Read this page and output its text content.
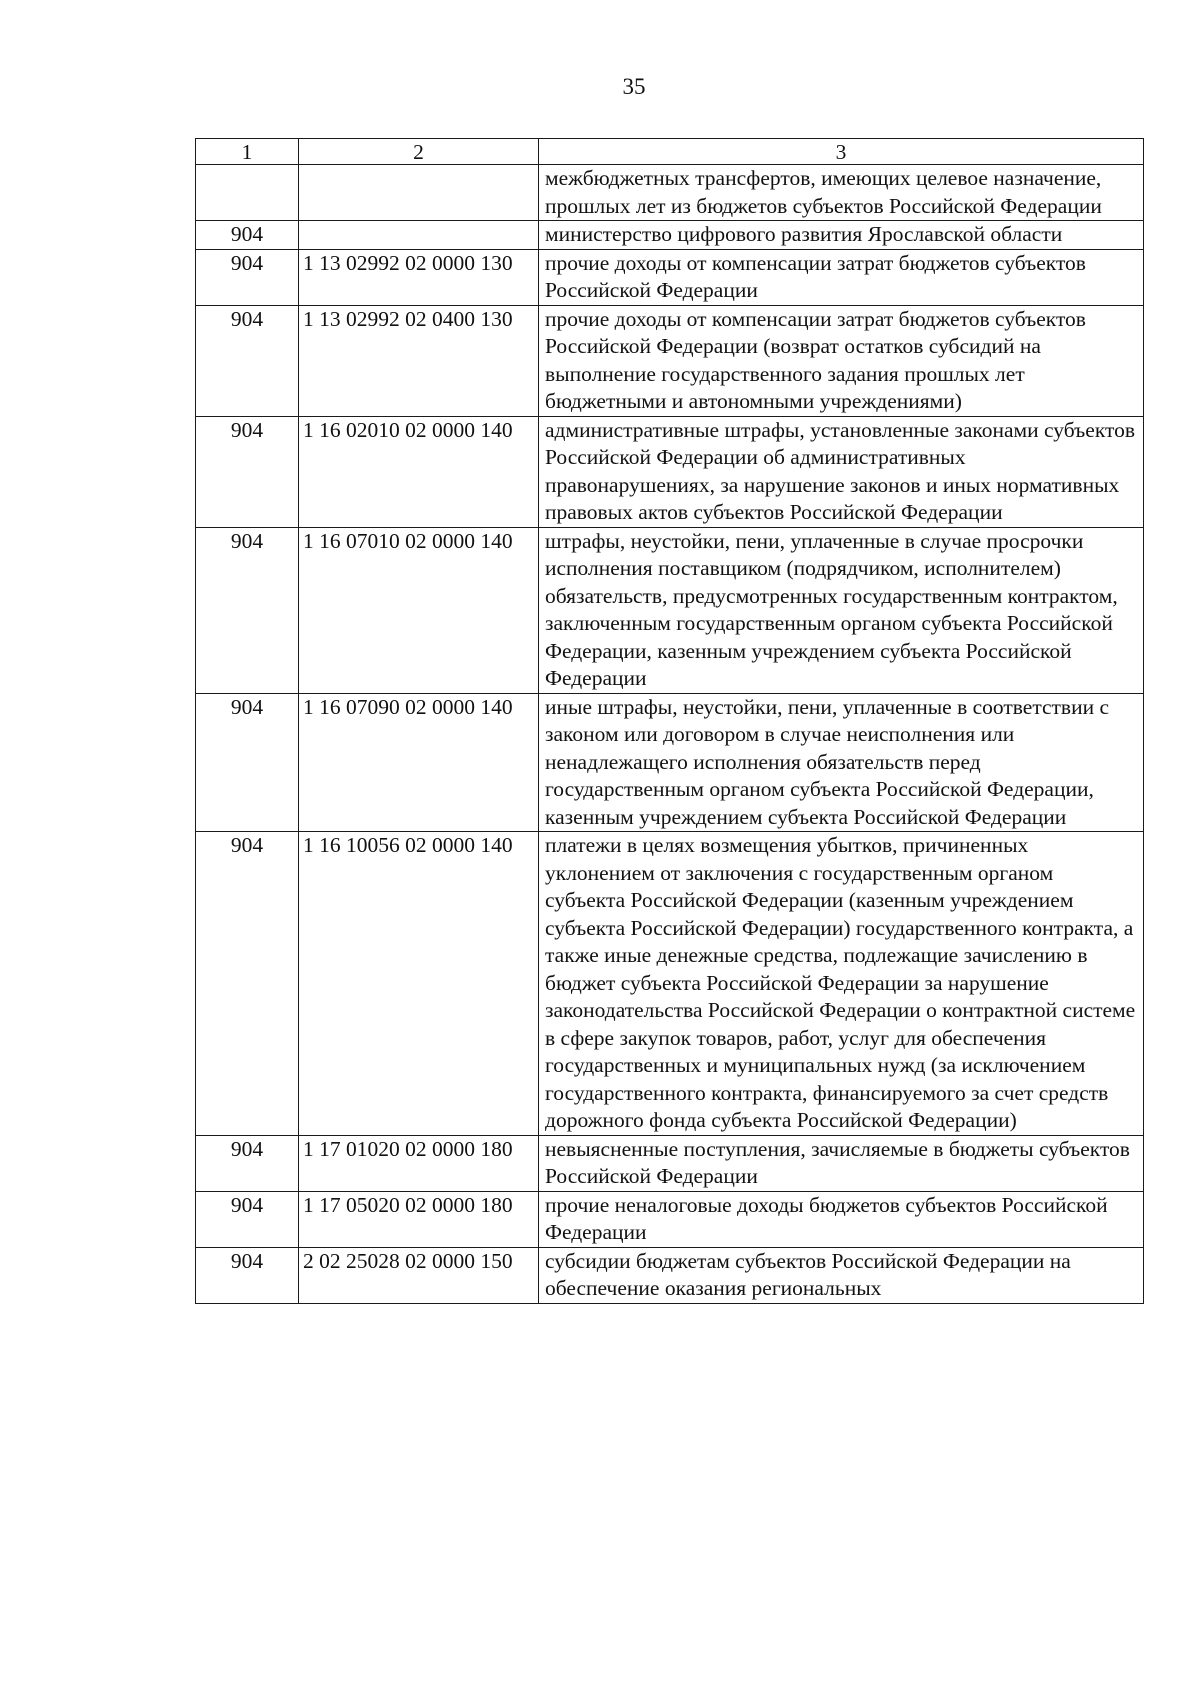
35
1	2	3
		межбюджетных трансфертов, имеющих целевое назначение, прошлых лет из бюджетов субъектов Российской Федерации
904		министерство цифрового развития Ярославской области
904	1 13 02992 02 0000 130	прочие доходы от компенсации затрат бюджетов субъектов Российской Федерации
904	1 13 02992 02 0400 130	прочие доходы от компенсации затрат бюджетов субъектов Российской Федерации (возврат остатков субсидий на выполнение государственного задания прошлых лет бюджетными и автономными учреждениями)
904	1 16 02010 02 0000 140	административные штрафы, установленные законами субъектов Российской Федерации об административных правонарушениях, за нарушение законов и иных нормативных правовых актов субъектов Российской Федерации
904	1 16 07010 02 0000 140	штрафы, неустойки, пени, уплаченные в случае просрочки исполнения поставщиком (подрядчиком, исполнителем) обязательств, предусмотренных государственным контрактом, заключенным государственным органом субъекта Российской Федерации, казенным учреждением субъекта Российской Федерации
904	1 16 07090 02 0000 140	иные штрафы, неустойки, пени, уплаченные в соответствии с законом или договором в случае неисполнения или ненадлежащего исполнения обязательств перед государственным органом субъекта Российской Федерации, казенным учреждением субъекта Российской Федерации
904	1 16 10056 02 0000 140	платежи в целях возмещения убытков, причиненных уклонением от заключения с государственным органом субъекта Российской Федерации (казенным учреждением субъекта Российской Федерации) государственного контракта, а также иные денежные средства, подлежащие зачислению в бюджет субъекта Российской Федерации за нарушение законодательства Российской Федерации о контрактной системе в сфере закупок товаров, работ, услуг для обеспечения государственных и муниципальных нужд (за исключением государственного контракта, финансируемого за счет средств дорожного фонда субъекта Российской Федерации)
904	1 17 01020 02 0000 180	невыясненные поступления, зачисляемые в бюджеты субъектов Российской Федерации
904	1 17 05020 02 0000 180	прочие неналоговые доходы бюджетов субъектов Российской Федерации
904	2 02 25028 02 0000 150	субсидии бюджетам субъектов Российской Федерации на обеспечение оказания региональных
